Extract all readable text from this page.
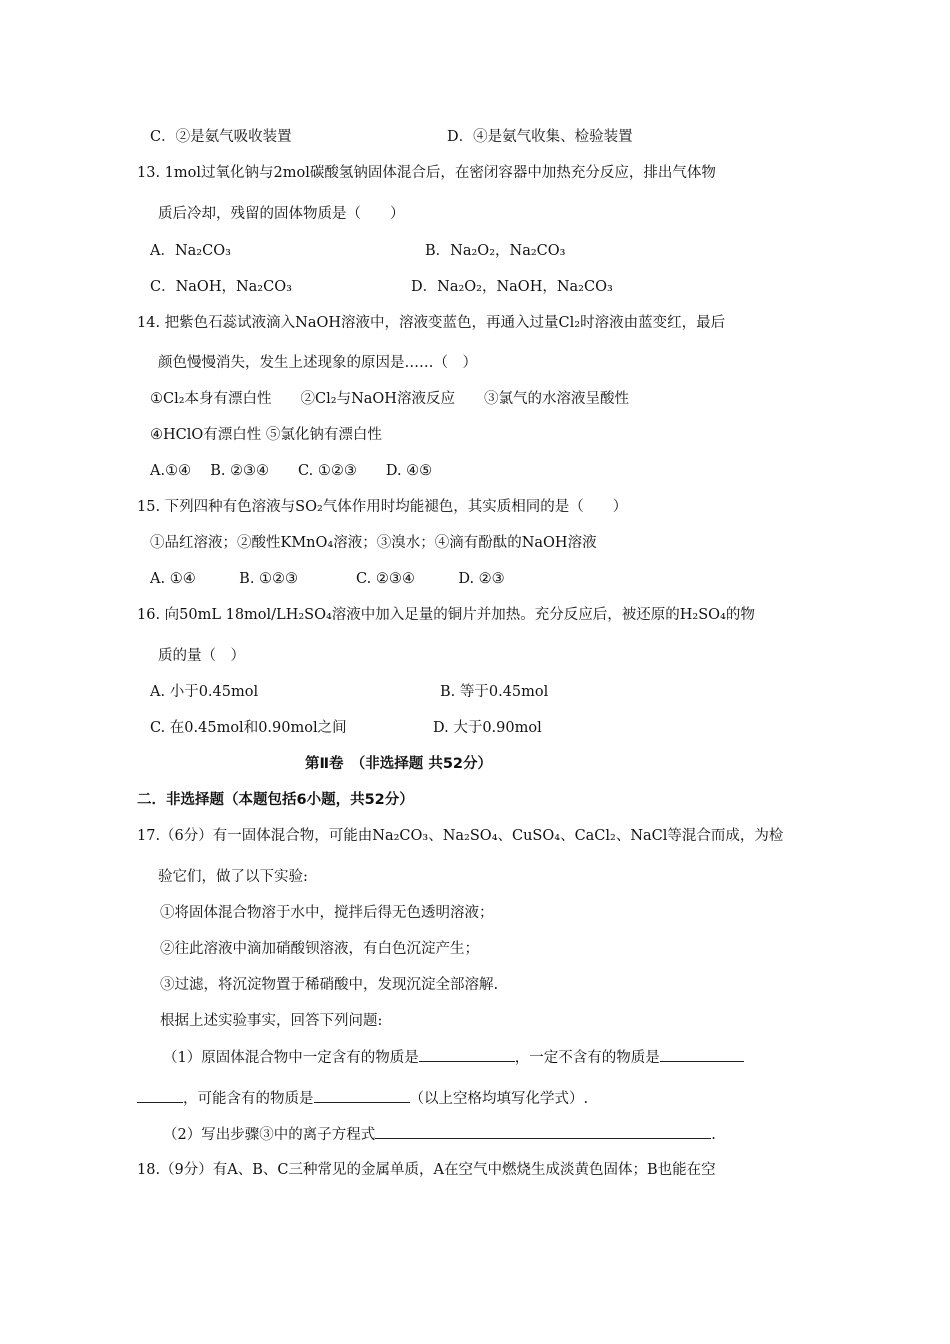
C．②是氨气吸收装置	D．④是氨气收集、检验装置
13. 1mol过氧化钠与2mol碳酸氢钠固体混合后，在密闭容器中加热充分反应，排出气体物
质后冷却，残留的固体物质是（　　）
A．Na₂CO₃	B．Na₂O₂，Na₂CO₃
C．NaOH，Na₂CO₃	D．Na₂O₂，NaOH，Na₂CO₃
14. 把紫色石蕊试液滴入NaOH溶液中，溶液变蓝色，再通入过量Cl₂时溶液由蓝变红，最后
颜色慢慢消失，发生上述现象的原因是……（　）
①Cl₂本身有漂白性　　②Cl₂与NaOH溶液反应　　③氯气的水溶液呈酸性
④HClO有漂白性 ⑤氯化钠有漂白性
A.①④　 B. ②③④　　C. ①②③　　D. ④⑤
15. 下列四种有色溶液与SO₂气体作用时均能褪色，其实质相同的是（　　）
①品红溶液；②酸性KMnO₄溶液；③溴水；④滴有酚酞的NaOH溶液
A. ①④　　　B. ①②③　　　　C. ②③④　　　D. ②③
16. 向50mL 18mol/LH₂SO₄溶液中加入足量的铜片并加热。充分反应后，被还原的H₂SO₄的物
质的量（　）
A. 小于0.45mol	B. 等于0.45mol
C. 在0.45mol和0.90mol之间	D. 大于0.90mol
第Ⅱ卷　（非选择题 共52分）
二．非选择题（本题包括6小题，共52分）
17.（6分）有一固体混合物，可能由Na₂CO₃、Na₂SO₄、CuSO₄、CaCl₂、NaCl等混合而成，为检
验它们，做了以下实验:
①将固体混合物溶于水中，搅拌后得无色透明溶液；
②往此溶液中滴加硝酸钡溶液，有白色沉淀产生；
③过滤，将沉淀物置于稀硝酸中，发现沉淀全部溶解.
根据上述实验事实，回答下列问题:
（1）原固体混合物中一定含有的物质是	，一定不含有的物质是
，可能含有的物质是	（以上空格均填写化学式）.
（2）写出步骤③中的离子方程式	.
18.（9分）有A、B、C三种常见的金属单质，A在空气中燃烧生成淡黄色固体；B也能在空
